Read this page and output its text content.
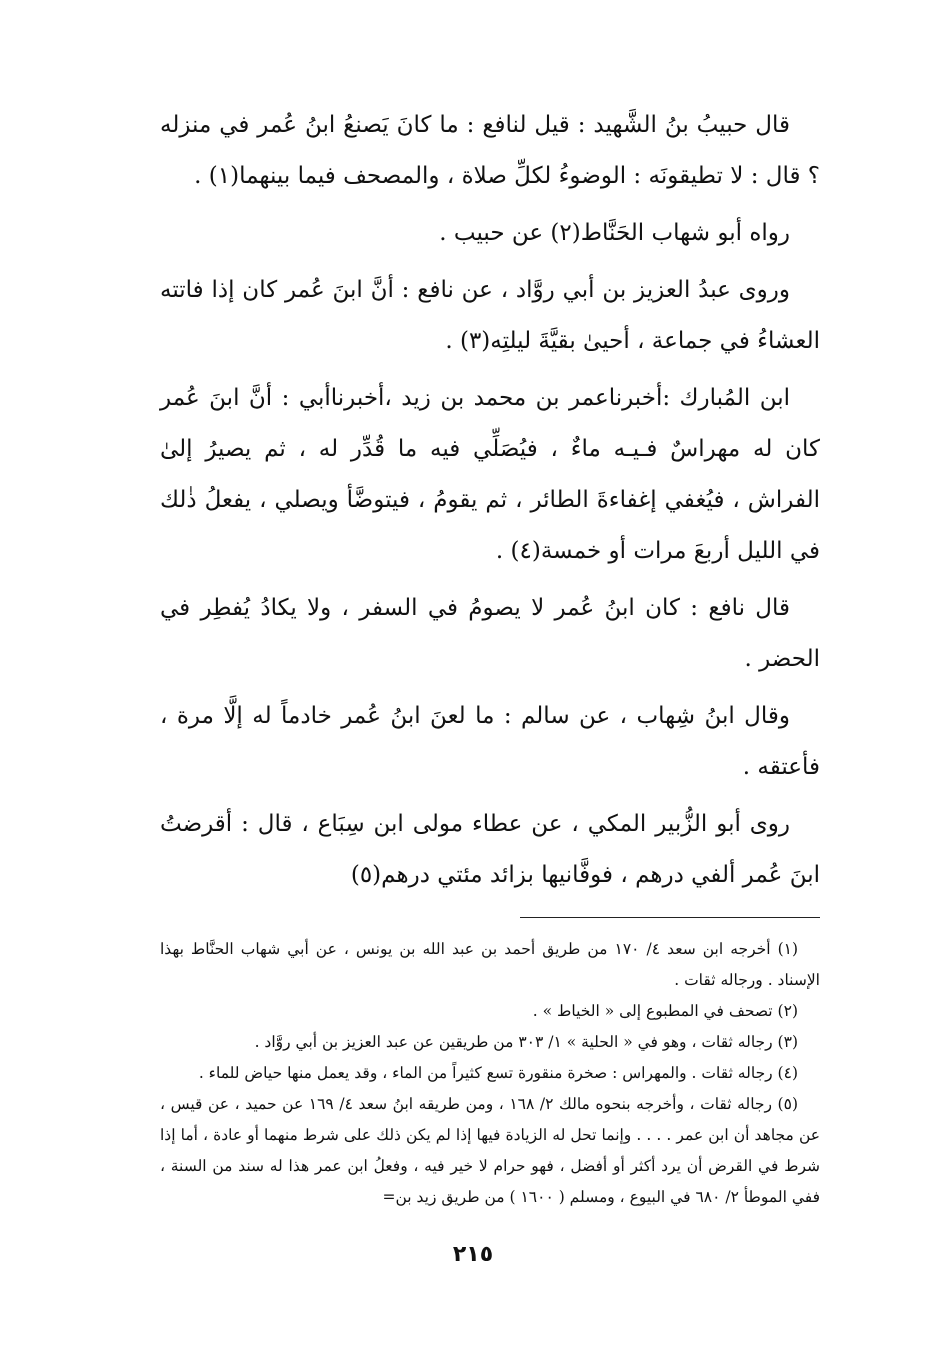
قال حبيبُ بنُ الشَّهيد : قيل لنافع : ما كانَ يَصنعُ ابنُ عُمر في منزله ؟ قال : لا تطيقونَه : الوضوءُ لكلِّ صلاة ، والمصحف فيما بينهما(١) .

رواه أبو شهاب الحَنَّاط(٢) عن حبيب .

وروى عبدُ العزيز بن أبي روَّاد ، عن نافع : أنَّ ابنَ عُمر كان إذا فاتته العشاءُ في جماعة ، أحيىٰ بقيَّةَ ليلتِه(٣) .

ابن المُبارك :أخبرناعمر بن محمد بن زيد ،أخبرناأبي : أنَّ ابنَ عُمر كان له مهراسٌ فـيـه ماءٌ ، فيُصَلِّي فيه ما قُدِّر له ، ثم يصيرُ إلىٰ الفراش ، فيُغفي إغفاءةَ الطائر ، ثم يقومُ ، فيتوضَّأ ويصلي ، يفعلُ ذٰلك في الليل أربعَ مرات أو خمسة(٤) .

قال نافع : كان ابنُ عُمر لا يصومُ في السفر ، ولا يكادُ يُفطِر في الحضر .

وقال ابنُ شِهاب ، عن سالم : ما لعنَ ابنُ عُمر خادماً له إلَّا مرة ، فأعتقه .

روى أبو الزُّبير المكي ، عن عطاء مولى ابن سِبَاع ، قال : أقرضتُ ابنَ عُمر ألفي درهم ، فوفَّانيها بزائد مئتي درهم(٥)

(١) أخرجه ابن سعد ٤/ ١٧٠ من طريق أحمد بن عبد الله بن يونس ، عن أبي شهاب الحنَّاط بهذا الإسناد . ورجاله ثقات .

(٢) تصحف في المطبوع إلى « الخياط » .

(٣) رجاله ثقات ، وهو في « الحلية » ١/ ٣٠٣ من طريقين عن عبد العزيز بن أبي روَّاد .

(٤) رجاله ثقات . والمهراس : صخرة منقورة تسع كثيراً من الماء ، وقد يعمل منها حياض للماء .

(٥) رجاله ثقات ، وأخرجه بنحوه مالك ٢/ ١٦٨ ، ومن طريقه ابنُ سعد ٤/ ١٦٩ عن حميد ، عن قيس ، عن مجاهد أن ابن عمر . . . . وإنما تحل له الزيادة فيها إذا لم يكن ذلك على شرط منهما أو عادة ، أما إذا شرط في القرض أن يرد أكثر أو أفضل ، فهو حرام لا خير فيه ، وفعلُ ابن عمر هذا له سند من السنة ، ففي الموطأ ٢/ ٦٨٠ في البيوع ، ومسلم ( ١٦٠٠ ) من طريق زيد بن=

٢١٥
